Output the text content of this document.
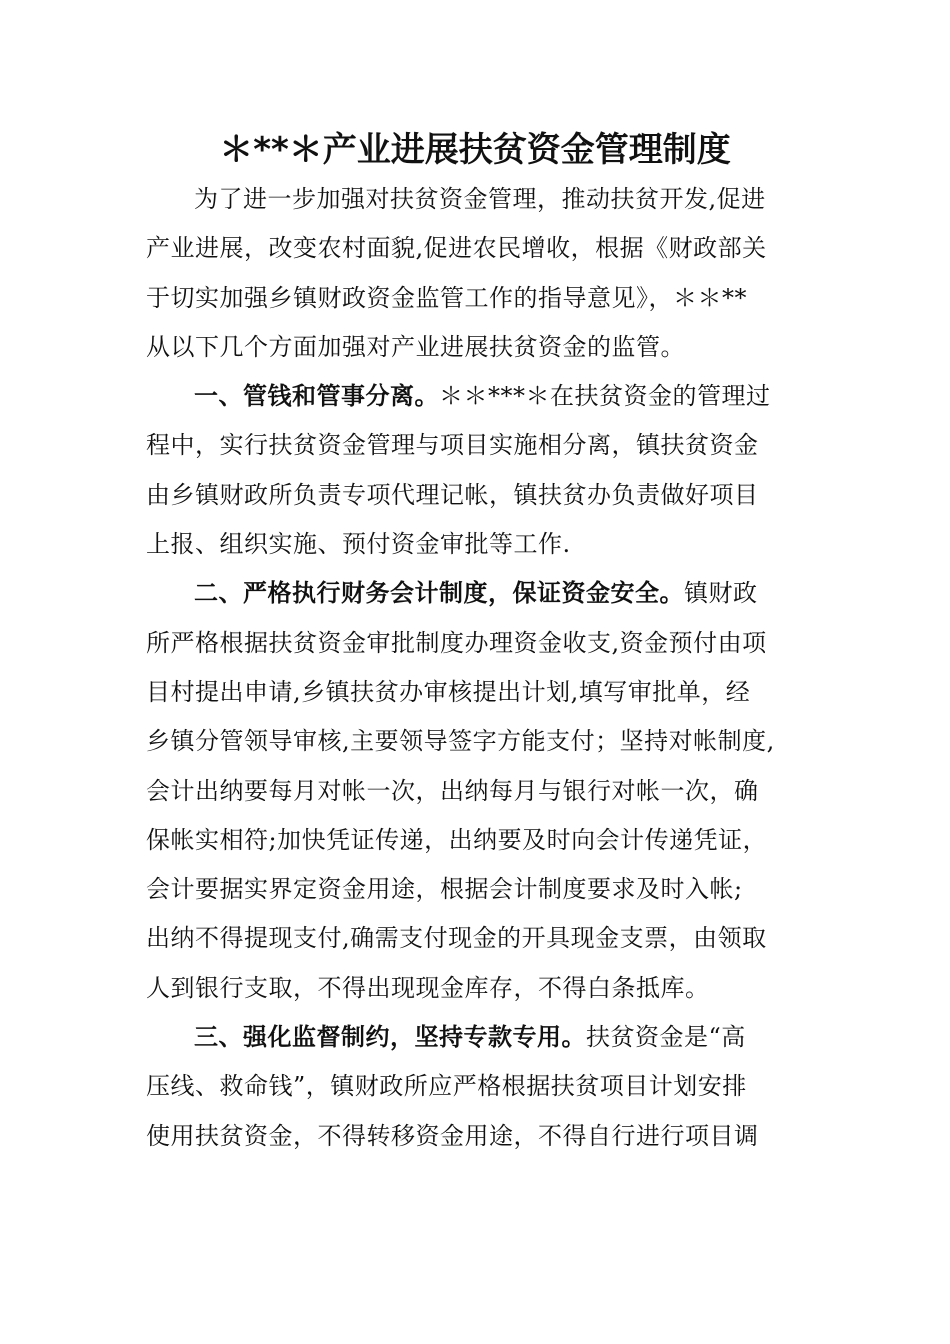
＊**＊产业进展扶贫资金管理制度
为了进一步加强对扶贫资金管理，推动扶贫开发,促进
产业进展，改变农村面貌,促进农民增收，根据《财政部关
于切实加强乡镇财政资金监管工作的指导意见》，＊＊**
从以下几个方面加强对产业进展扶贫资金的监管。
一、管钱和管事分离。＊＊***＊在扶贫资金的管理过
程中，实行扶贫资金管理与项目实施相分离，镇扶贫资金
由乡镇财政所负责专项代理记帐，镇扶贫办负责做好项目
上报、组织实施、预付资金审批等工作.
二、严格执行财务会计制度，保证资金安全。镇财政
所严格根据扶贫资金审批制度办理资金收支,资金预付由项
目村提出申请,乡镇扶贫办审核提出计划,填写审批单，经
乡镇分管领导审核,主要领导签字方能支付；坚持对帐制度,
会计出纳要每月对帐一次，出纳每月与银行对帐一次，确
保帐实相符;加快凭证传递，出纳要及时向会计传递凭证，
会计要据实界定资金用途，根据会计制度要求及时入帐;
出纳不得提现支付,确需支付现金的开具现金支票，由领取
人到银行支取，不得出现现金库存，不得白条抵库。
三、强化监督制约，坚持专款专用。扶贫资金是“高
压线、救命钱”，镇财政所应严格根据扶贫项目计划安排
使用扶贫资金，不得转移资金用途，不得自行进行项目调
